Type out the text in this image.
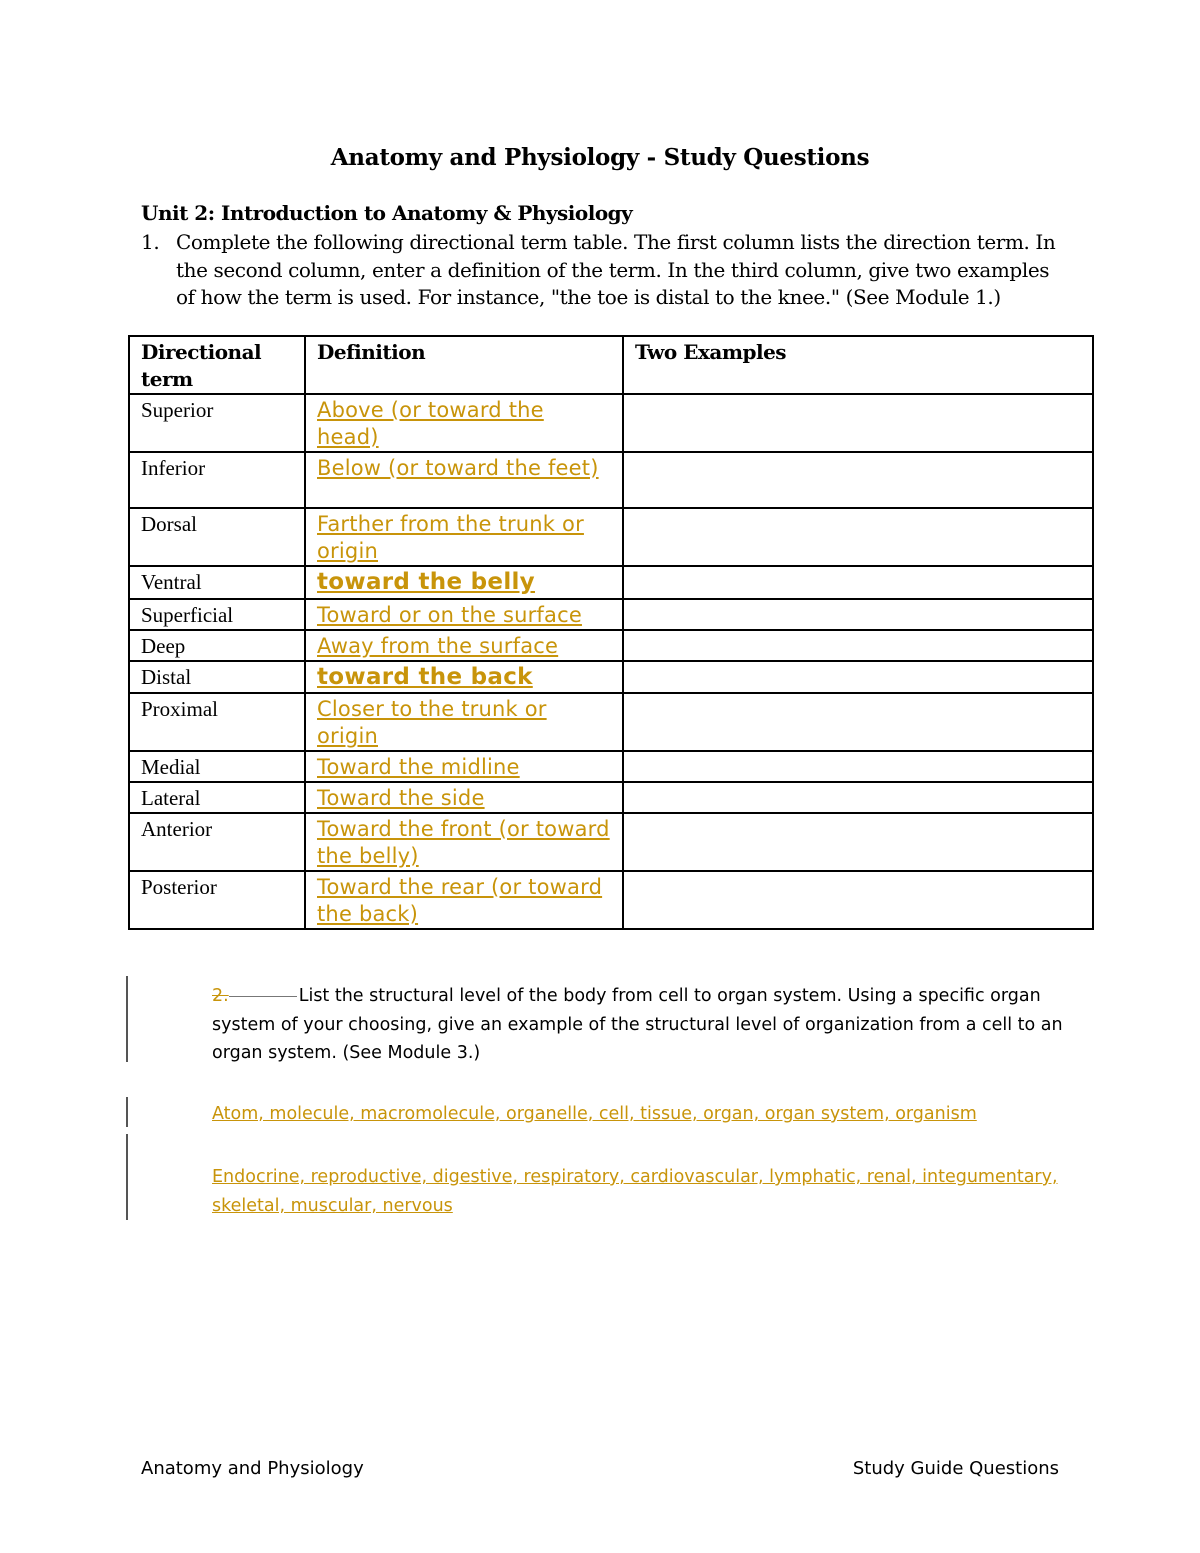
Anatomy and Physiology - Study Questions
Unit 2: Introduction to Anatomy & Physiology
1. Complete the following directional term table. The first column lists the direction term. In the second column, enter a definition of the term. In the third column, give two examples of how the term is used. For instance, "the toe is distal to the knee." (See Module 1.)
Directional term	Definition	Two Examples
Superior	Above (or toward the head)	
Inferior	Below (or toward the feet)	
Dorsal	Farther from the trunk or origin	
Ventral	toward the belly	
Superficial	Toward or on the surface	
Deep	Away from the surface	
Distal	toward the back	
Proximal	Closer to the trunk or origin	
Medial	Toward the midline	
Lateral	Toward the side	
Anterior	Toward the front (or toward the belly)	
Posterior	Toward the rear (or toward the back)	
2.	List the structural level of the body from cell to organ system. Using a specific organ system of your choosing, give an example of the structural level of organization from a cell to an organ system. (See Module 3.)
Atom, molecule, macromolecule, organelle, cell, tissue, organ, organ system, organism
Endocrine, reproductive, digestive, respiratory, cardiovascular, lymphatic, renal, integumentary, skeletal, muscular, nervous
Anatomy and Physiology	Study Guide Questions
